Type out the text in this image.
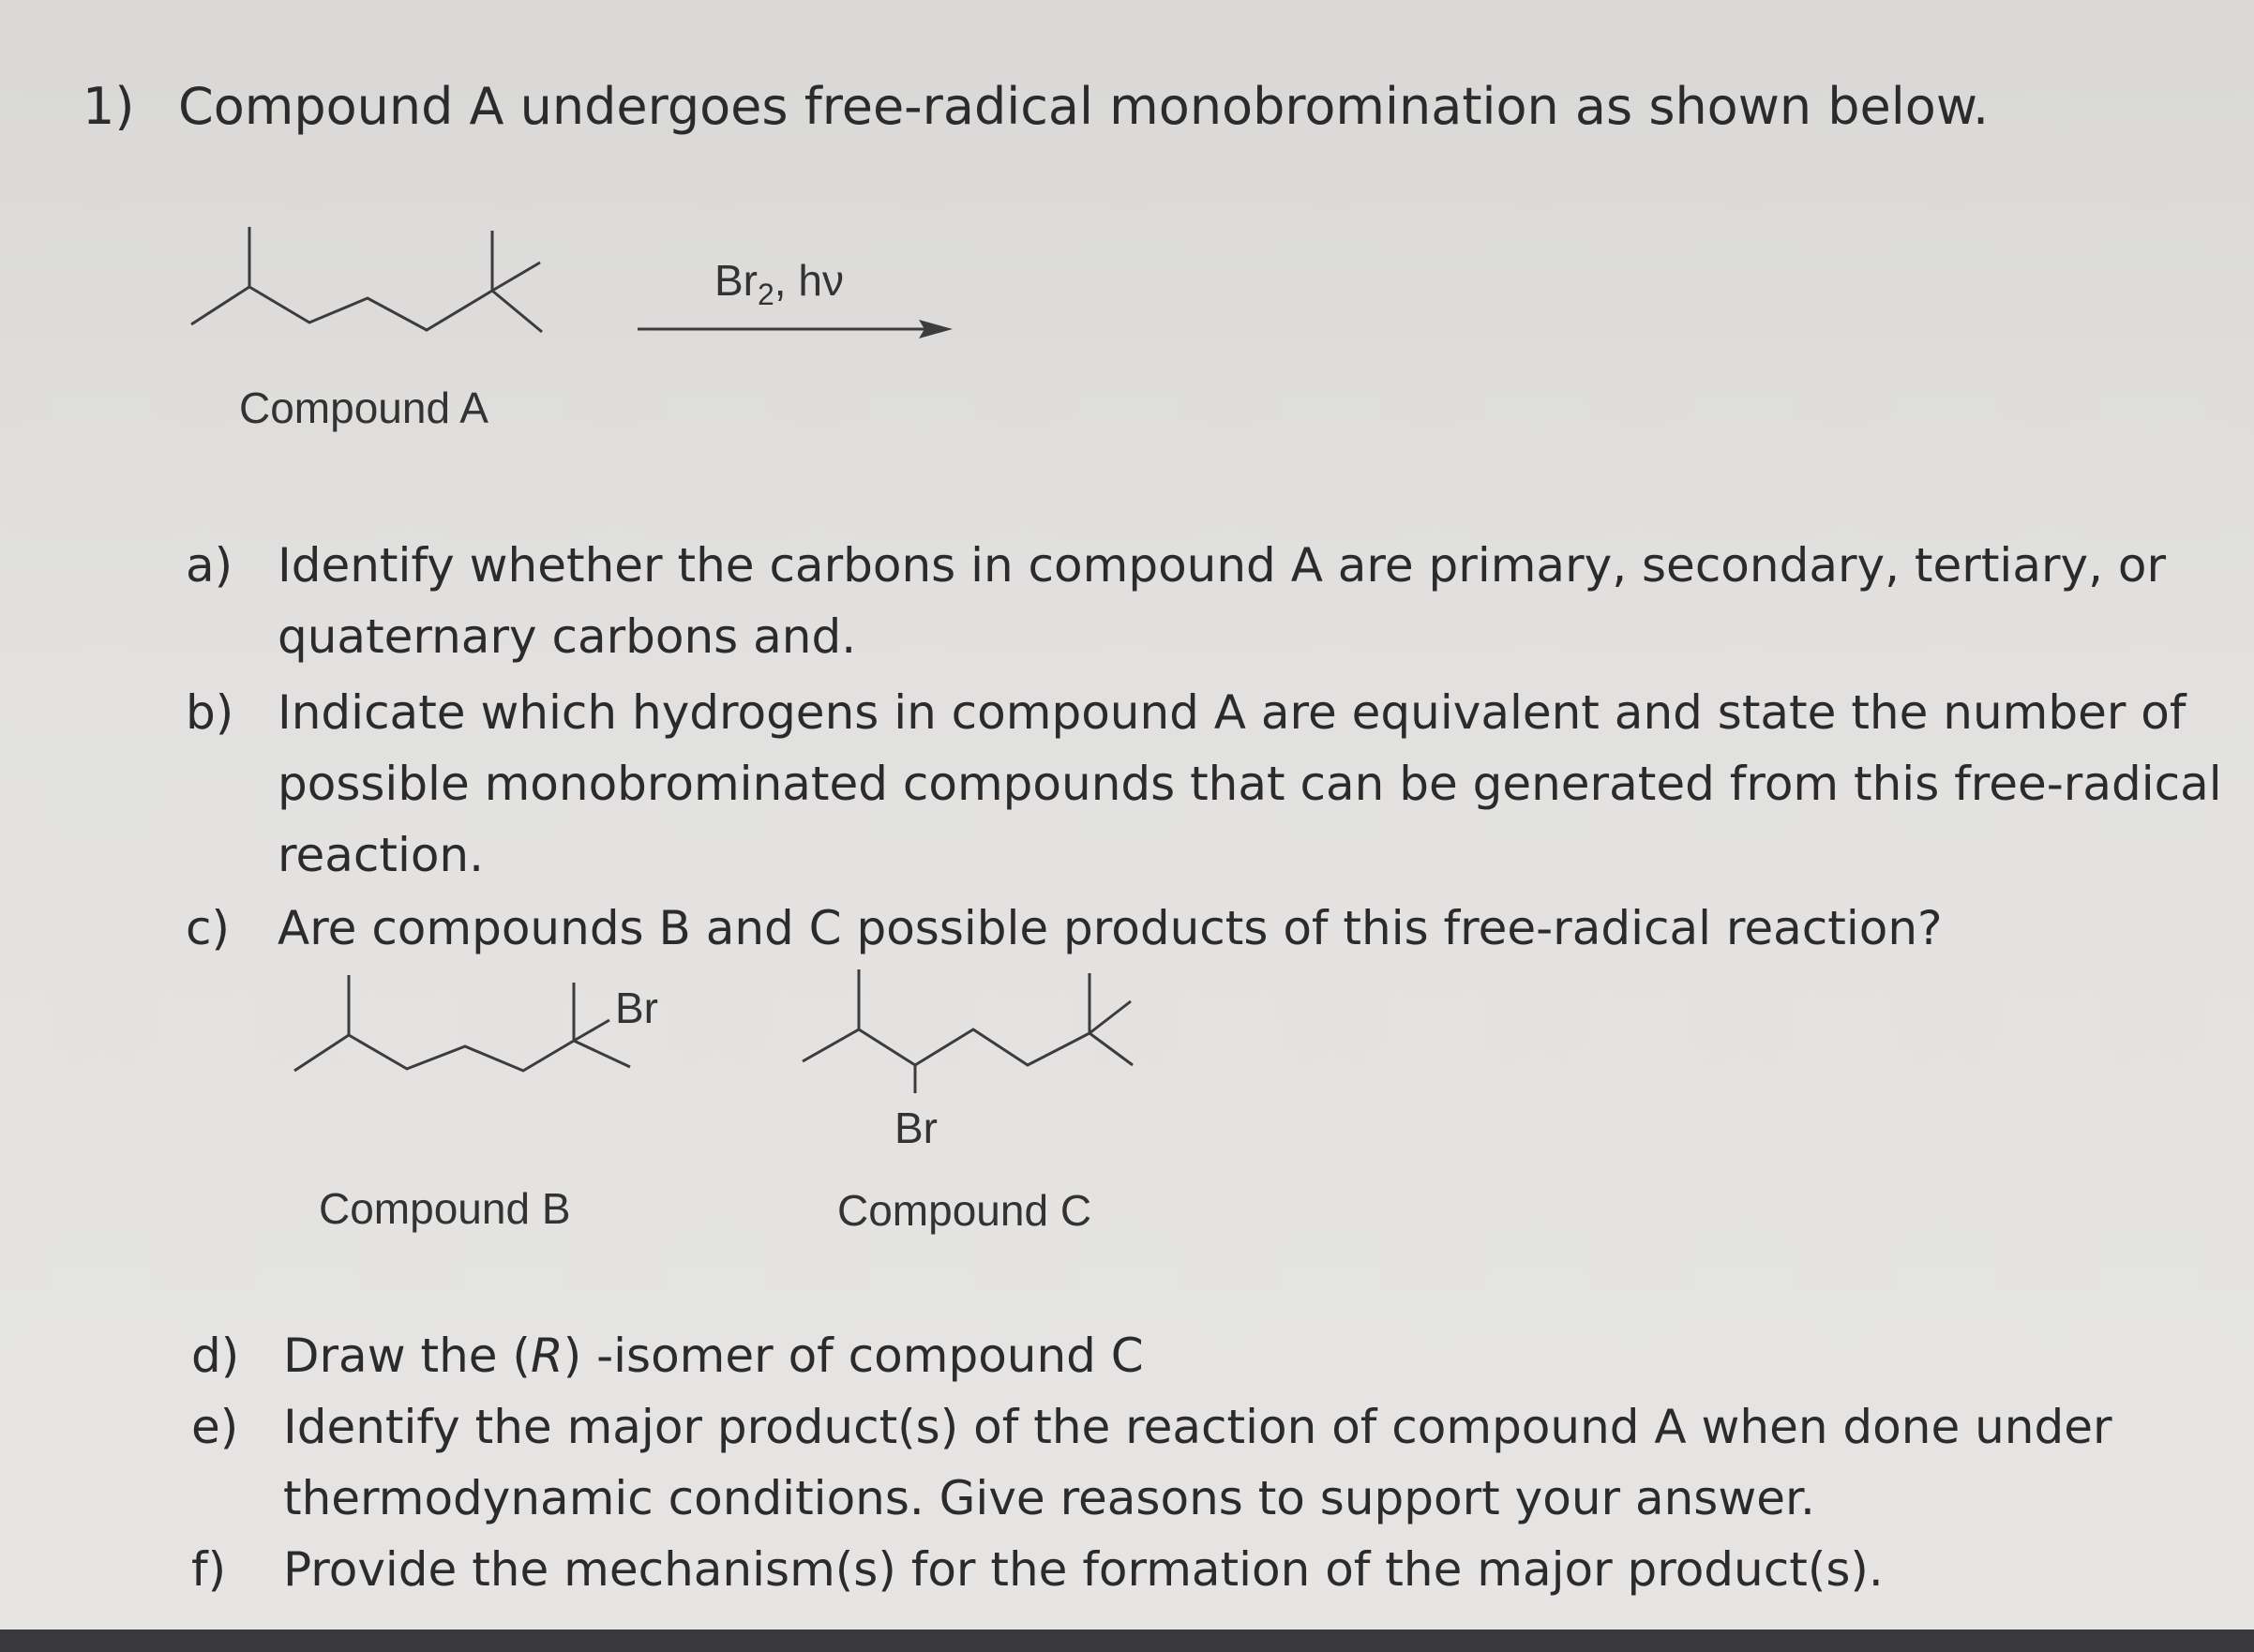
1) Compound A undergoes free-radical monobromination as shown below.
Compound A
$Br_2$, hν
a) Identify whether the carbons in compound A are primary, secondary, tertiary, or
quaternary carbons and.
b) Indicate which hydrogens in compound A are equivalent and state the number of
possible monobrominated compounds that can be generated from this free-radical
reaction.
c) Are compounds B and C possible products of this free-radical reaction?
Br
Compound B
Br
Compound C
d) Draw the (R) -isomer of compound C
e) Identify the major product(s) of the reaction of compound A when done under
thermodynamic conditions. Give reasons to support your answer.
f) Provide the mechanism(s) for the formation of the major product(s).
